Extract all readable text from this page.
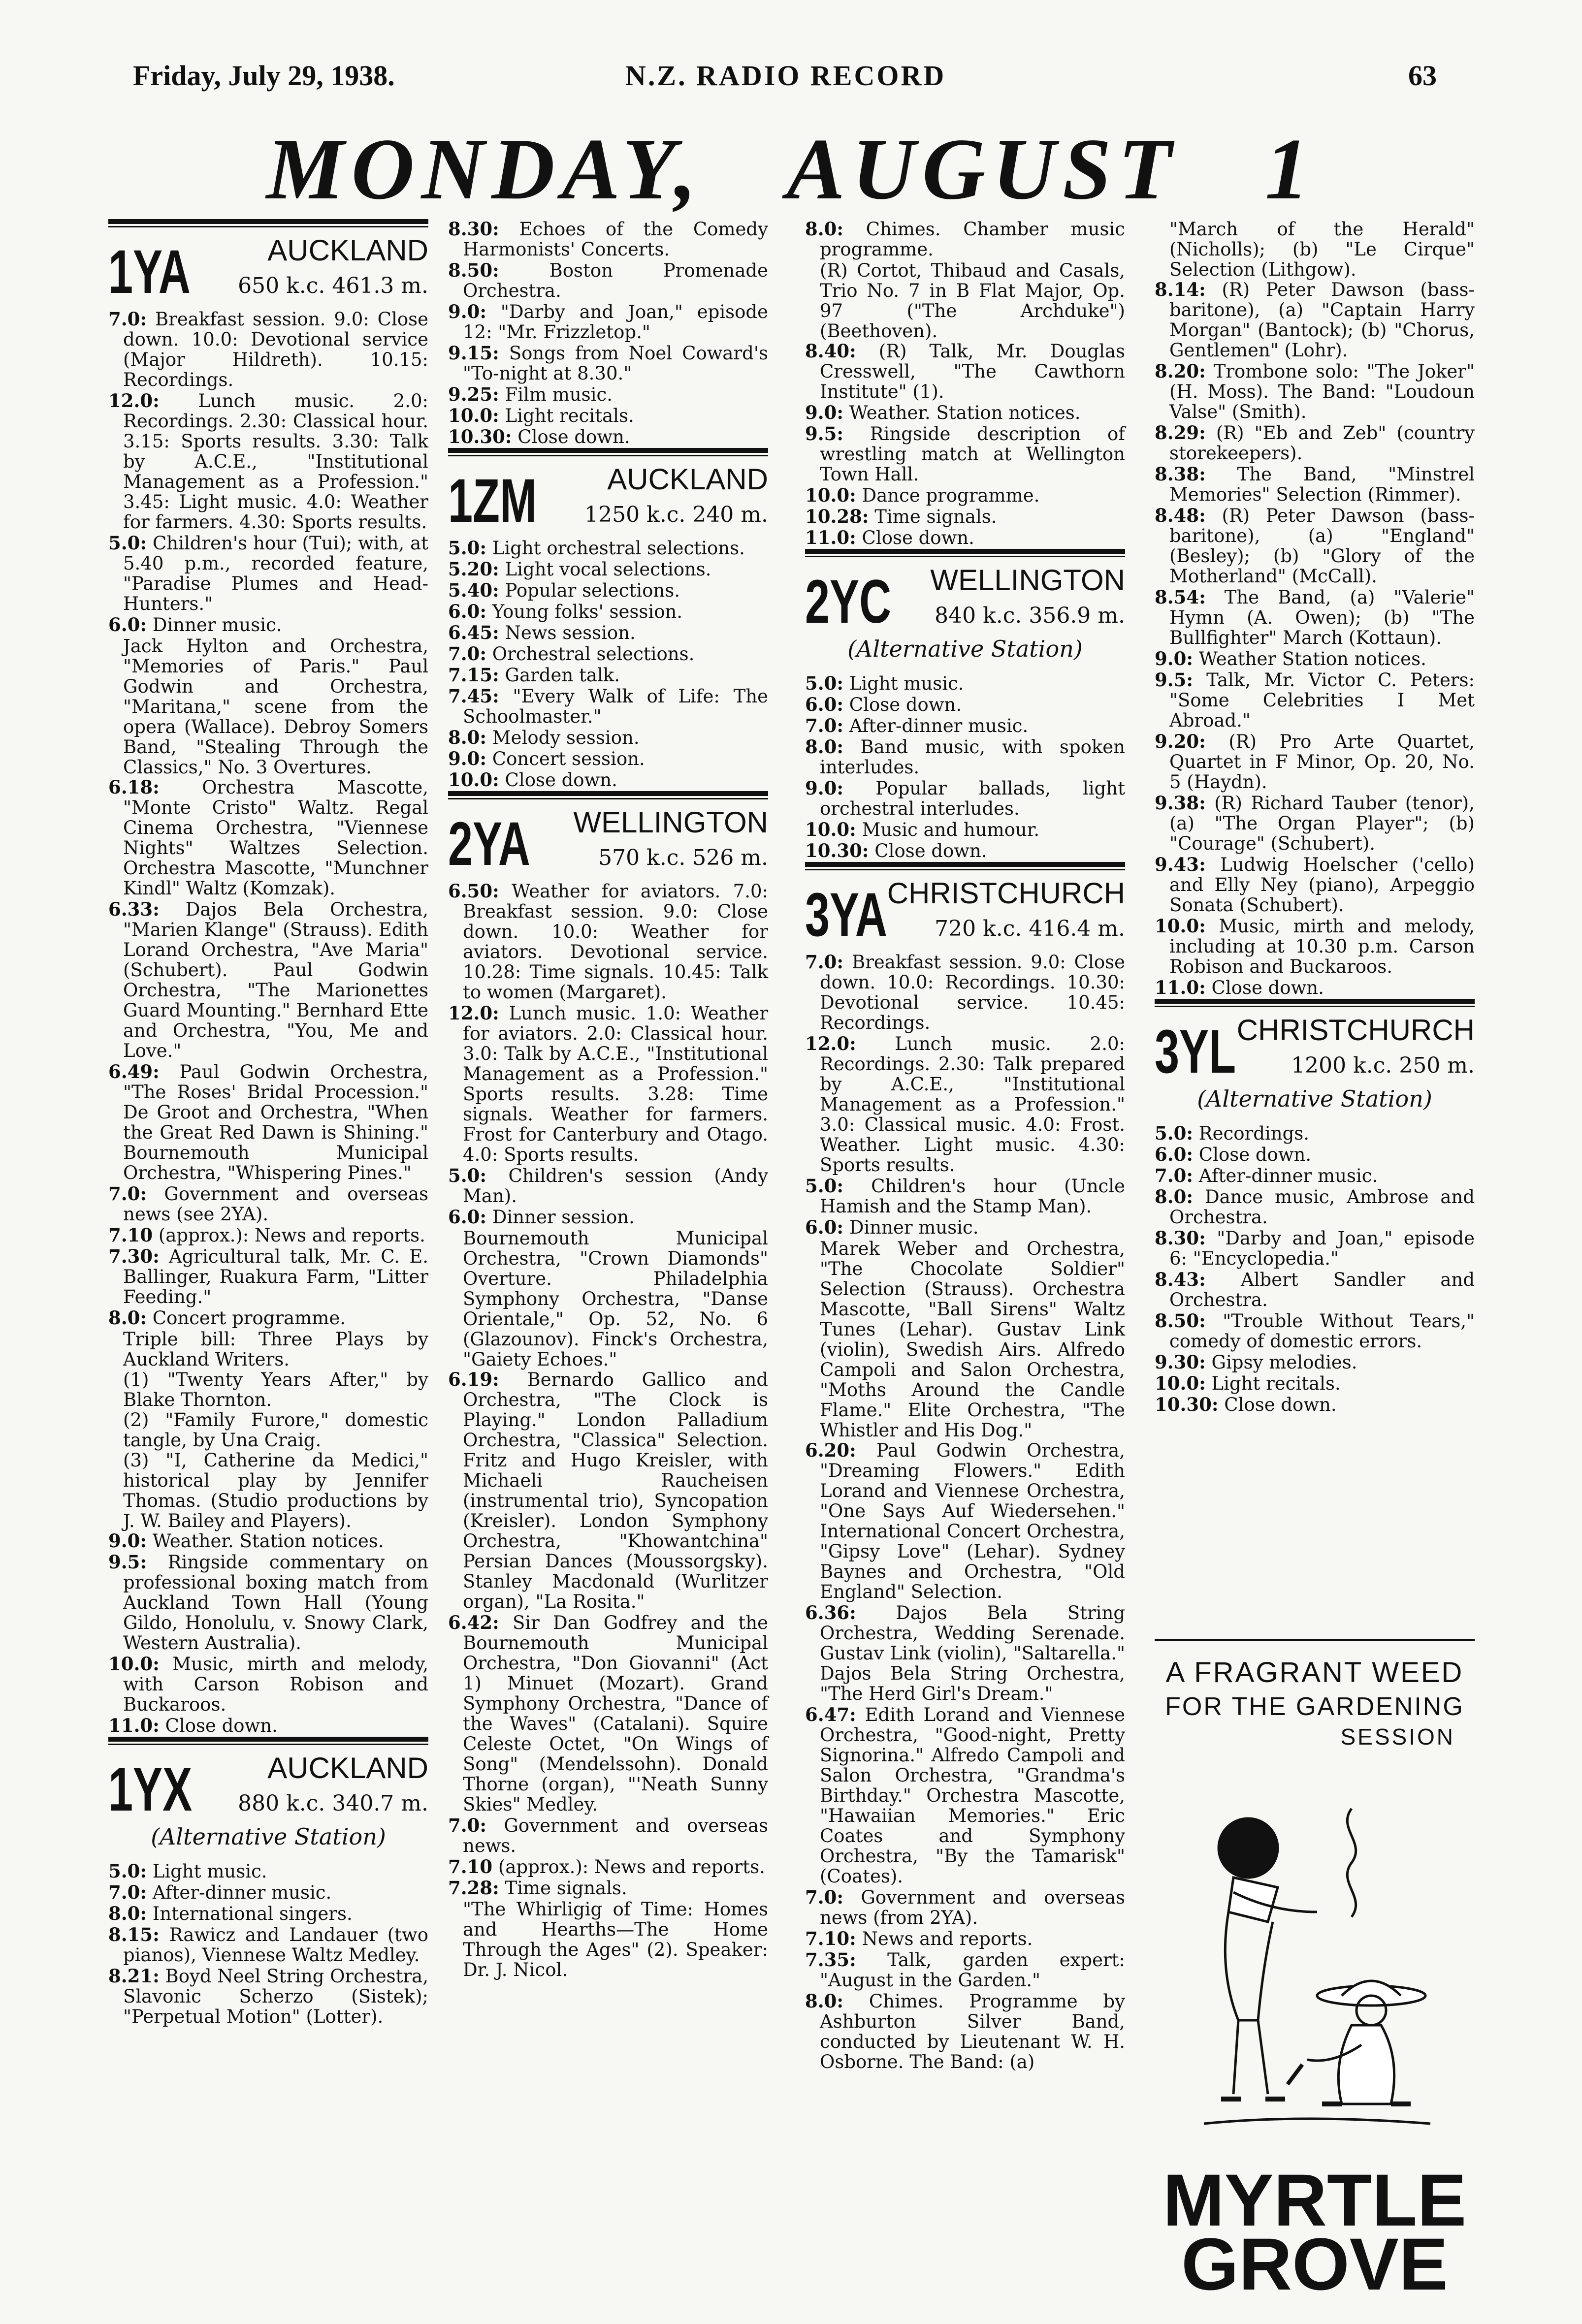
Friday, July 29, 1938.	N.Z. RADIO RECORD	63
MONDAY,   AUGUST   1
1YA	AUCKLAND
650 k.c. 461.3 m.

7.0: Breakfast session. 9.0: Close down. 10.0: Devotional service (Major Hildreth). 10.15: Recordings.

12.0: Lunch music. 2.0: Recordings. 2.30: Classical hour. 3.15: Sports results. 3.30: Talk by A.C.E., "Institutional Management as a Profession." 3.45: Light music. 4.0: Weather for farmers. 4.30: Sports results.

5.0: Children's hour (Tui); with, at 5.40 p.m., recorded feature, "Paradise Plumes and Head-Hunters."

6.0: Dinner music.

Jack Hylton and Orchestra, "Memories of Paris." Paul Godwin and Orchestra, "Maritana," scene from the opera (Wallace). Debroy Somers Band, "Stealing Through the Classics," No. 3 Overtures.

6.18: Orchestra Mascotte, "Monte Cristo" Waltz. Regal Cinema Orchestra, "Viennese Nights" Waltzes Selection. Orchestra Mascotte, "Munchner Kindl" Waltz (Komzak).

6.33: Dajos Bela Orchestra, "Marien Klange" (Strauss). Edith Lorand Orchestra, "Ave Maria" (Schubert). Paul Godwin Orchestra, "The Marionettes Guard Mounting." Bernhard Ette and Orchestra, "You, Me and Love."

6.49: Paul Godwin Orchestra, "The Roses' Bridal Procession." De Groot and Orchestra, "When the Great Red Dawn is Shining." Bournemouth Municipal Orchestra, "Whispering Pines."

7.0: Government and overseas news (see 2YA).

7.10 (approx.): News and reports.

7.30: Agricultural talk, Mr. C. E. Ballinger, Ruakura Farm, "Litter Feeding."

8.0: Concert programme.

Triple bill: Three Plays by Auckland Writers.

(1) "Twenty Years After," by Blake Thornton.

(2) "Family Furore," domestic tangle, by Una Craig.

(3) "I, Catherine da Medici," historical play by Jennifer Thomas. (Studio productions by J. W. Bailey and Players).

9.0: Weather. Station notices.

9.5: Ringside commentary on professional boxing match from Auckland Town Hall (Young Gildo, Honolulu, v. Snowy Clark, Western Australia).

10.0: Music, mirth and melody, with Carson Robison and Buckaroos.

11.0: Close down.

1YX	AUCKLAND
880 k.c. 340.7 m.
(Alternative Station)

5.0: Light music.

7.0: After-dinner music.

8.0: International singers.

8.15: Rawicz and Landauer (two pianos), Viennese Waltz Medley.

8.21: Boyd Neel String Orchestra, Slavonic Scherzo (Sistek); "Perpetual Motion" (Lotter).

8.30: Echoes of the Comedy Harmonists' Concerts.

8.50:	Boston Promenade Orchestra.

9.0: "Darby and Joan," episode 12: "Mr. Frizzletop."

9.15: Songs from Noel Coward's "To-night at 8.30."

9.25: Film music.

10.0: Light recitals.

10.30: Close down.

1ZM AUCKLAND
1250 k.c. 240 m.

5.0: Light orchestral selections.

5.20: Light vocal selections.

5.40: Popular selections.

6.0: Young folks' session.

6.45: News session.

7.0: Orchestral selections.

7.15: Garden talk.

7.45: "Every Walk of Life: The Schoolmaster."

8.0: Melody session.

9.0: Concert session.

10.0: Close down.

2YA WELLINGTON
570 k.c. 526 m.

6.50: Weather for aviators. 7.0: Breakfast session. 9.0: Close down. 10.0: Weather for aviators. Devotional service. 10.28: Time signals. 10.45: Talk to women (Margaret).

12.0: Lunch music. 1.0: Weather for aviators. 2.0: Classical hour. 3.0: Talk by A.C.E., "Institutional Management as a Profession." Sports results. 3.28: Time signals. Weather for farmers. Frost for Canterbury and Otago. 4.0: Sports results.

5.0: Children's session (Andy Man).

6.0: Dinner session.

Bournemouth Municipal Orchestra, "Crown Diamonds" Overture. Philadelphia Symphony Orchestra, "Danse Orientale," Op. 52, No. 6 (Glazounov). Finck's Orchestra, "Gaiety Echoes."

6.19: Bernardo Gallico and Orchestra, "The Clock is Playing." London Palladium Orchestra, "Classica" Selection. Fritz and Hugo Kreisler, with Michaeli Raucheisen (instrumental trio), Syncopation (Kreisler). London Symphony Orchestra, "Khowantchina" Persian Dances (Moussorgsky). Stanley Macdonald (Wurlitzer organ), "La Rosita."

6.42: Sir Dan Godfrey and the Bournemouth Municipal Orchestra, "Don Giovanni" (Act 1) Minuet (Mozart). Grand Symphony Orchestra, "Dance of the Waves" (Catalani). Squire Celeste Octet, "On Wings of Song" (Mendelssohn). Donald Thorne (organ), "'Neath Sunny Skies" Medley.

7.0: Government and overseas news.

7.10 (approx.): News and reports.

7.28: Time signals.

"The Whirligig of Time: Homes and Hearths—The Home Through the Ages" (2). Speaker: Dr. J. Nicol.

8.0: Chimes. Chamber music programme.

(R) Cortot, Thibaud and Casals, Trio No. 7 in B Flat Major, Op. 97 ("The Archduke") (Beethoven).

8.40: (R) Talk, Mr. Douglas Cresswell, "The Cawthorn Institute" (1).

9.0: Weather. Station notices.

9.5: Ringside description of wrestling match at Wellington Town Hall.

10.0: Dance programme.

10.28: Time signals.

11.0: Close down.

2YC WELLINGTON
840 k.c. 356.9 m.
(Alternative Station)

5.0: Light music.

6.0: Close down.

7.0: After-dinner music.

8.0: Band music, with spoken interludes.

9.0: Popular ballads, light orchestral interludes.

10.0: Music and humour.

10.30: Close down.

3YA CHRISTCHURCH
720 k.c. 416.4 m.

7.0: Breakfast session. 9.0: Close down. 10.0: Recordings. 10.30: Devotional service. 10.45: Recordings.

12.0: Lunch music. 2.0: Recordings. 2.30: Talk prepared by A.C.E., "Institutional Management as a Profession." 3.0: Classical music. 4.0: Frost. Weather. Light music. 4.30: Sports results.

5.0: Children's hour (Uncle Hamish and the Stamp Man).

6.0: Dinner music.

Marek Weber and Orchestra, "The Chocolate Soldier" Selection (Strauss). Orchestra Mascotte, "Ball Sirens" Waltz Tunes (Lehar). Gustav Link (violin), Swedish Airs. Alfredo Campoli and Salon Orchestra, "Moths Around the Candle Flame." Elite Orchestra, "The Whistler and His Dog."

6.20: Paul Godwin Orchestra, "Dreaming Flowers." Edith Lorand and Viennese Orchestra, "One Says Auf Wiedersehen." International Concert Orchestra, "Gipsy Love" (Lehar). Sydney Baynes and Orchestra, "Old England" Selection.

6.36: Dajos Bela String Orchestra, Wedding Serenade. Gustav Link (violin), "Saltarella." Dajos Bela String Orchestra, "The Herd Girl's Dream."

6.47: Edith Lorand and Viennese Orchestra, "Good-night, Pretty Signorina." Alfredo Campoli and Salon Orchestra, "Grandma's Birthday." Orchestra Mascotte, "Hawaiian Memories." Eric Coates and Symphony Orchestra, "By the Tamarisk" (Coates).

7.0: Government and overseas news (from 2YA).

7.10: News and reports.

7.35: Talk, garden expert: "August in the Garden."

8.0: Chimes. Programme by Ashburton Silver Band, conducted by Lieutenant W. H. Osborne. The Band: (a)

"March of the Herald" (Nicholls); (b) "Le Cirque" Selection (Lithgow).

8.14: (R) Peter Dawson (bass-baritone), (a) "Captain Harry Morgan" (Bantock); (b) "Chorus, Gentlemen" (Lohr).

8.20: Trombone solo: "The Joker" (H. Moss). The Band: "Loudoun Valse" (Smith).

8.29: (R) "Eb and Zeb" (country storekeepers).

8.38: The Band, "Minstrel Memories" Selection (Rimmer).

8.48: (R) Peter Dawson (bass-baritone), (a) "England" (Besley); (b) "Glory of the Motherland" (McCall).

8.54: The Band, (a) "Valerie" Hymn (A. Owen); (b) "The Bullfighter" March (Kottaun).

9.0: Weather Station notices.

9.5: Talk, Mr. Victor C. Peters: "Some Celebrities I Met Abroad."

9.20: (R) Pro Arte Quartet, Quartet in F Minor, Op. 20, No. 5 (Haydn).

9.38: (R) Richard Tauber (tenor), (a) "The Organ Player"; (b) "Courage" (Schubert).

9.43: Ludwig Hoelscher ('cello) and Elly Ney (piano), Arpeggio Sonata (Schubert).

10.0: Music, mirth and melody, including at 10.30 p.m. Carson Robison and Buckaroos.

11.0: Close down.

3YL CHRISTCHURCH
1200 k.c. 250 m.
(Alternative Station)

5.0: Recordings.

6.0: Close down.

7.0: After-dinner music.

8.0: Dance music, Ambrose and Orchestra.

8.30: "Darby and Joan," episode 6: "Encyclopedia."

8.43: Albert Sandler and Orchestra.

8.50: "Trouble Without Tears," comedy of domestic errors.

9.30: Gipsy melodies.

10.0: Light recitals.

10.30: Close down.

A FRAGRANT WEED
FOR THE GARDENING
SESSION
MYRTLE
GROVE
